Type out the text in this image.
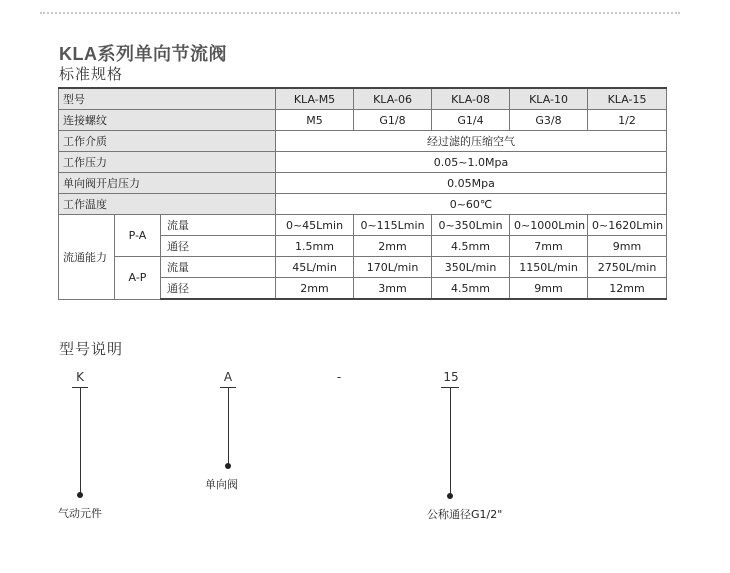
KLA系列单向节流阀
标准规格
型号			KLA-M5	KLA-06	KLA-08	KLA-10	KLA-15
连接螺纹			M5	G1/8	G1/4	G3/8	1/2
工作介质			经过滤的压缩空气				
工作压力			0.05~1.0Mpa				
单向阀开启压力			0.05Mpa				
工作温度			0~60℃				
流通能力	P-A	流量	0~45Lmin	0~115Lmin	0~350Lmin	0~1000Lmin	0~1620Lmin
		通径	1.5mm	2mm	4.5mm	7mm	9mm
	A-P	流量	45L/min	170L/min	350L/min	1150L/min	2750L/min
		通径	2mm	3mm	4.5mm	9mm	12mm
型号说明
K	A	-	15
气动元件
单向阀
公称通径G1/2"
